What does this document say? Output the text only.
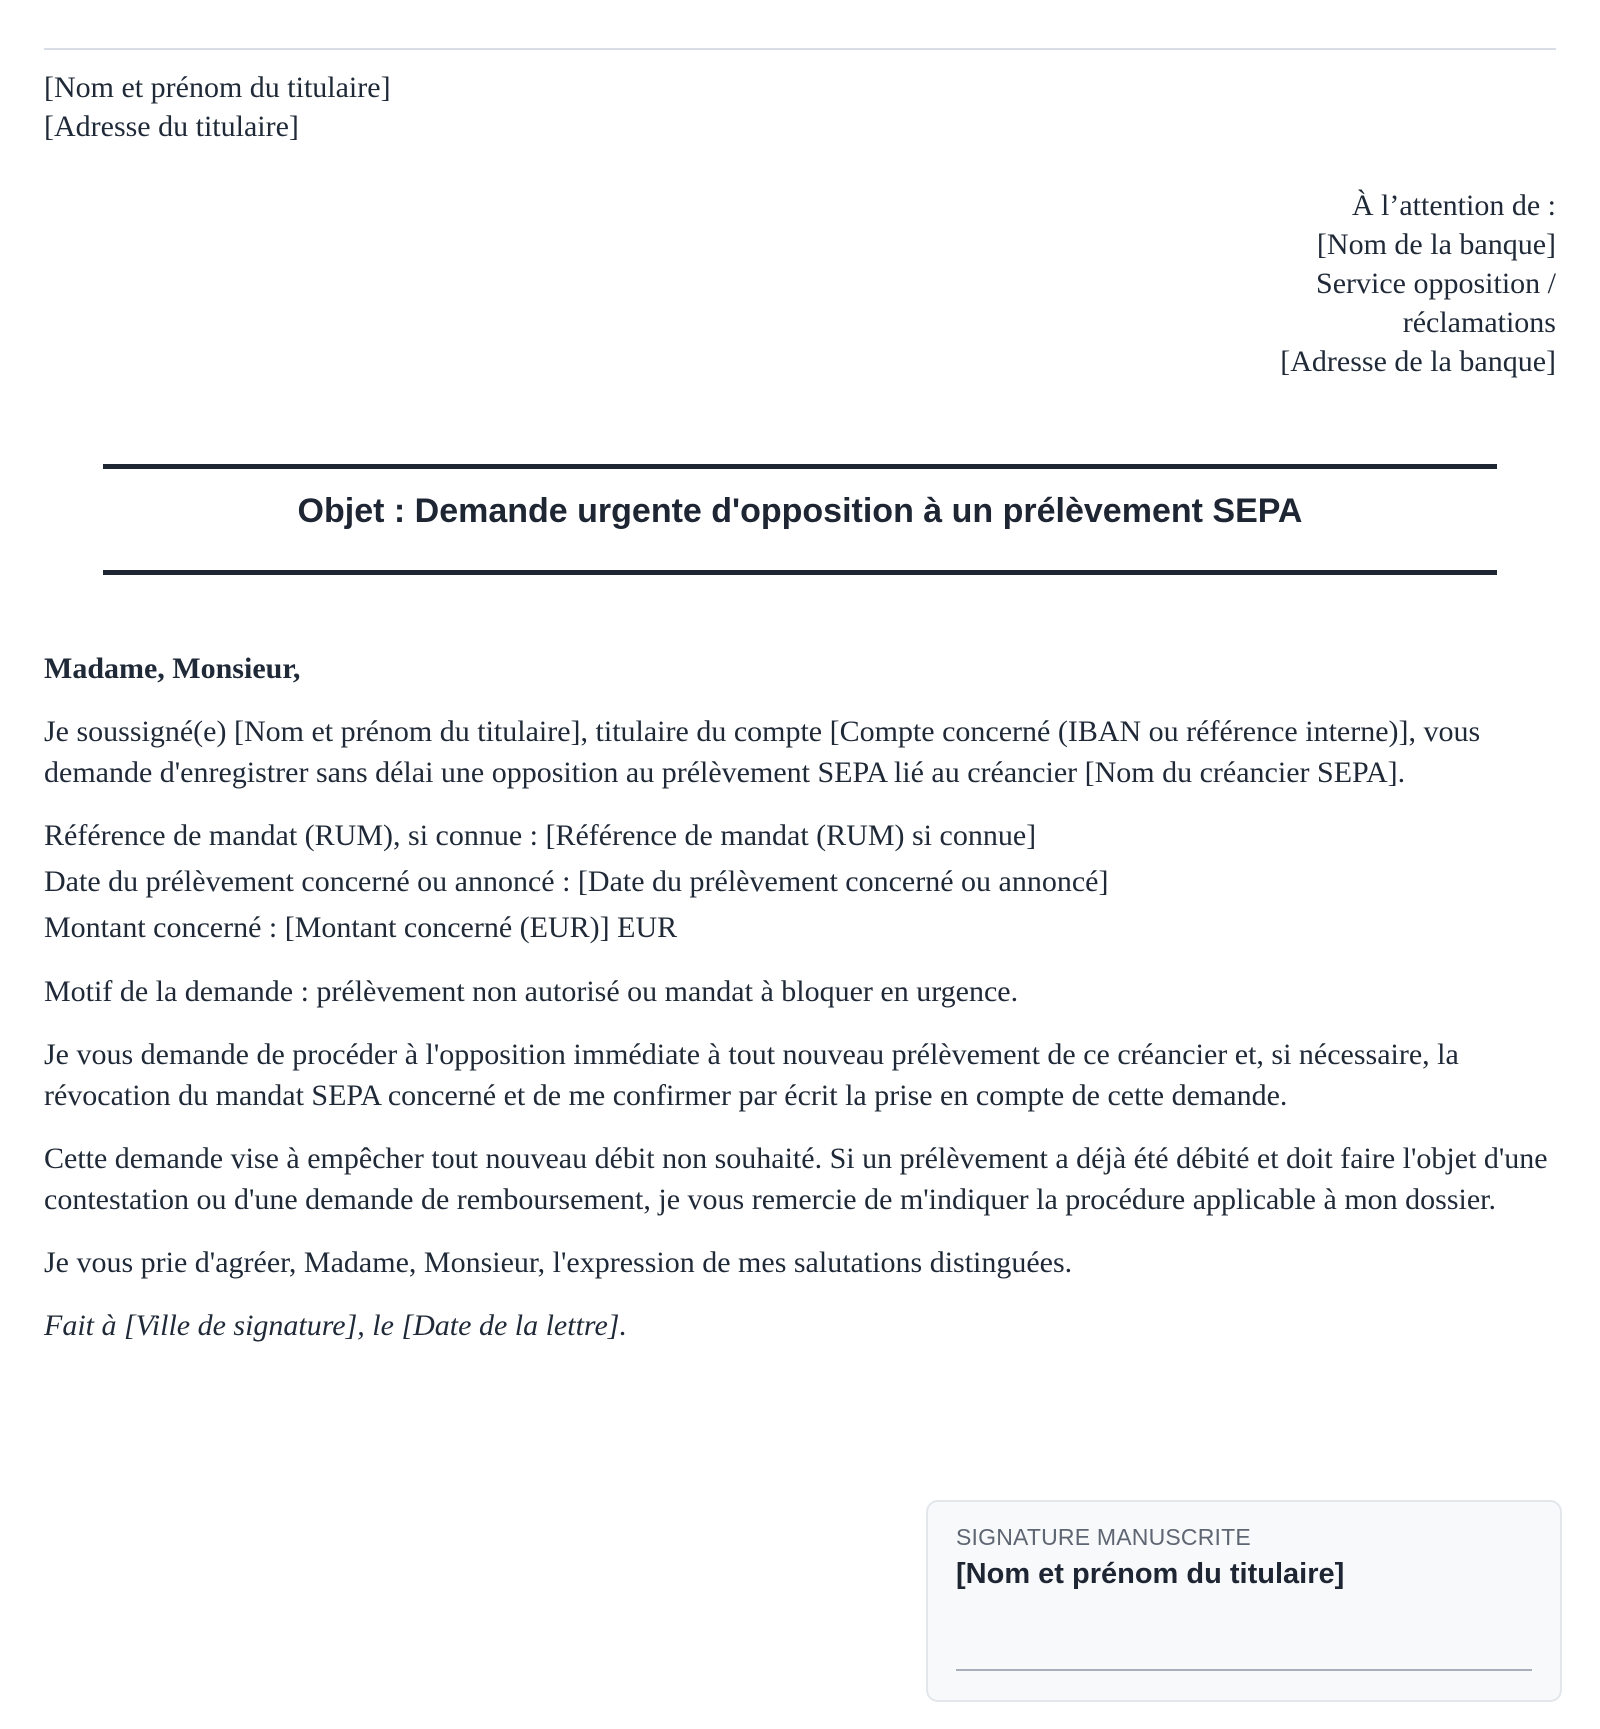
[Nom et prénom du titulaire]
[Adresse du titulaire]
À l’attention de :
[Nom de la banque]
Service opposition /
réclamations
[Adresse de la banque]
Objet : Demande urgente d'opposition à un prélèvement SEPA

Madame, Monsieur,

Je soussigné(e) [Nom et prénom du titulaire], titulaire du compte [Compte concerné (IBAN ou référence interne)], vous demande d'enregistrer sans délai une opposition au prélèvement SEPA lié au créancier [Nom du créancier SEPA].

Référence de mandat (RUM), si connue : [Référence de mandat (RUM) si connue]
Date du prélèvement concerné ou annoncé : [Date du prélèvement concerné ou annoncé]
Montant concerné : [Montant concerné (EUR)] EUR

Motif de la demande : prélèvement non autorisé ou mandat à bloquer en urgence.

Je vous demande de procéder à l'opposition immédiate à tout nouveau prélèvement de ce créancier et, si nécessaire, la révocation du mandat SEPA concerné et de me confirmer par écrit la prise en compte de cette demande.

Cette demande vise à empêcher tout nouveau débit non souhaité. Si un prélèvement a déjà été débité et doit faire l'objet d'une contestation ou d'une demande de remboursement, je vous remercie de m'indiquer la procédure applicable à mon dossier.

Je vous prie d'agréer, Madame, Monsieur, l'expression de mes salutations distinguées.

Fait à [Ville de signature], le [Date de la lettre].

SIGNATURE MANUSCRITE
[Nom et prénom du titulaire]
